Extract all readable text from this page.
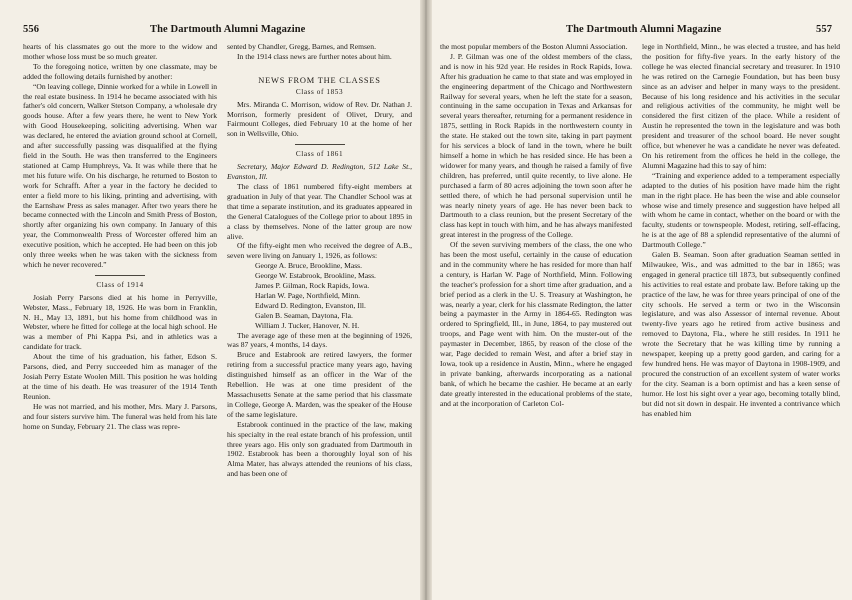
556	The Dartmouth Alumni Magazine

hearts of his classmates go out the more to the widow and mother whose loss must be so much greater.

To the foregoing notice, written by one classmate, may be added the following details furnished by another:

“On leaving college, Dinnie worked for a while in Lowell in the real estate business. In 1914 he became associated with his father's old concern, Walker Stetson Company, a wholesale dry goods house. After a few years there, he went to New York with Good Housekeeping, soliciting advertising. When war was declared, he entered the aviation ground school at Cornell, and after successfully passing was disqualified at the flying field in the South. He was then transferred to the Engineers stationed at Camp Humphreys, Va. It was while there that he met his future wife. On his discharge, he returned to Boston to work for Schrafft. After a year in the factory he decided to enter a field more to his liking, printing and advertising, with the Earnshaw Press as sales manager. After two years there he became connected with the Lincoln and Smith Press of Boston, shortly after organizing his own company. In January of this year, the Commonwealth Press of Worcester offered him an executive position, which he accepted. He had been on this job only three weeks when he was taken with the sickness from which he never recovered.”

Class of 1914

Josiah Perry Parsons died at his home in Perryville, Webster, Mass., February 18, 1926. He was born in Franklin, N. H., May 13, 1891, but his home from childhood was in Webster, where he fitted for college at the local high school. He was a member of Phi Kappa Psi, and in athletics was a candidate for track.

About the time of his graduation, his father, Edson S. Parsons, died, and Perry succeeded him as manager of the Josiah Perry Estate Woolen Mill. This position he was holding at the time of his death. He was treasurer of the 1914 Tenth Reunion.

He was not married, and his mother, Mrs. Mary J. Parsons, and four sisters survive him. The funeral was held from his late home on Sunday, February 21. The class was repre-

sented by Chandler, Gregg, Barnes, and Remsen.

In the 1914 class news are further notes about him.

NEWS FROM THE CLASSES

Class of 1853

Mrs. Miranda C. Morrison, widow of Rev. Dr. Nathan J. Morrison, formerly president of Olivet, Drury, and Fairmount Colleges, died February 10 at the home of her son in Wellsville, Ohio.

Class of 1861

Secretary, Major Edward D. Redington, 512 Lake St., Evanston, Ill.

The class of 1861 numbered fifty-eight members at graduation in July of that year. The Chandler School was at that time a separate institution, and its graduates appeared in the General Catalogues of the College prior to about 1895 in a class by themselves. None of the latter group are now alive.

Of the fifty-eight men who received the degree of A.B., seven were living on January 1, 1926, as follows:

George A. Bruce, Brookline, Mass.

George W. Estabrook, Brookline, Mass.

James P. Gilman, Rock Rapids, Iowa.

Harlan W. Page, Northfield, Minn.

Edward D. Redington, Evanston, Ill.

Galen B. Seaman, Daytona, Fla.

William J. Tucker, Hanover, N. H.

The average age of these men at the beginning of 1926, was 87 years, 4 months, 14 days.

Bruce and Estabrook are retired lawyers, the former retiring from a successful practice many years ago, having distinguished himself as an officer in the War of the Rebellion. He was at one time president of the Massachusetts Senate at the same period that his classmate in College, George A. Marden, was the speaker of the House of the same legislature.

Estabrook continued in the practice of the law, making his specialty in the real estate branch of his profession, until three years ago. His only son graduated from Dartmouth in 1902. Estabrook has been a thoroughly loyal son of his Alma Mater, has always attended the reunions of his class, and has been one of

The Dartmouth Alumni Magazine	557

the most popular members of the Boston Alumni Association.

J. P. Gilman was one of the oldest members of the class, and is now in his 92d year. He resides in Rock Rapids, Iowa. After his graduation he came to that state and was employed in the engineering department of the Chicago and Northwestern Railway for several years, when he left the state for a season, continuing in the same occupation in Texas and Arkansas for several years thereafter, returning for a permanent residence in 1875, settling in Rock Rapids in the northwestern county in the state. He staked out the town site, taking in part payment for his services a block of land in the town, where he built himself a home in which he has resided since. He has been a widower for many years, and though he raised a family of five children, has preferred, until quite recently, to live alone. He purchased a farm of 80 acres adjoining the town soon after he settled there, of which he had personal supervision until he was nearly ninety years of age. He has never been back to Dartmouth to a class reunion, but the present Secretary of the class has kept in touch with him, and he has always manifested great interest in the progress of the College.

Of the seven surviving members of the class, the one who has been the most useful, certainly in the cause of education and in the community where he has resided for more than half a century, is Harlan W. Page of Northfield, Minn. Following the teacher's profession for a short time after graduation, and a brief period as a clerk in the U. S. Treasury at Washington, he was, nearly a year, clerk for his classmate Redington, the latter being a paymaster in the Army in 1864-65. Redington was ordered to Springfield, Ill., in June, 1864, to pay mustered out troops, and Page went with him. On the muster-out of the paymaster in December, 1865, by reason of the close of the war, Page decided to remain West, and after a brief stay in Iowa, took up a residence in Austin, Minn., where he engaged in private banking, afterwards incorporating as a national bank, of which he became the cashier. He became at an early date greatly interested in the educational problems of the state, and at the incorporation of Carleton Col-

lege in Northfield, Minn., he was elected a trustee, and has held the position for fifty-five years. In the early history of the college he was elected financial secretary and treasurer. In 1910 he was retired on the Carnegie Foundation, but has been busy since as an adviser and helper in many ways to the president. Because of his long residence and his activities in the secular and religious activities of the community, he might well be considered the first citizen of the place. While a resident of Austin he represented the town in the legislature and was both president and treasurer of the school board. He never sought office, but whenever he was a candidate he never was defeated. On his retirement from the offices he held in the college, the Alumni Magazine had this to say of him:

“Training and experience added to a temperament especially adapted to the duties of his position have made him the right man in the right place. He has been the wise and able counselor whose wise and timely presence and suggestion have helped all with whom he came in contact, whether on the board or with the faculty, students or townspeople. Modest, retiring, self-effacing, he is at the age of 88 a splendid representative of the alumni of Dartmouth College.”

Galen B. Seaman. Soon after graduation Seaman settled in Milwaukee, Wis., and was admitted to the bar in 1865; was engaged in general practice till 1873, but subsequently confined his activities to real estate and probate law. Before taking up the practice of the law, he was for three years principal of one of the city schools. He served a term or two in the Wisconsin legislature, and was also Assessor of internal revenue. About twenty-five years ago he retired from active business and removed to Daytona, Fla., where he still resides. In 1911 he wrote the Secretary that he was killing time by running a newspaper, keeping up a pretty good garden, and caring for a few hundred hens. He was mayor of Daytona in 1908-1909, and procured the construction of an excellent system of water works for the city. Seaman is a born optimist and has a keen sense of humor. He lost his sight over a year ago, becoming totally blind, but did not sit down in despair. He invented a contrivance which has enabled him
